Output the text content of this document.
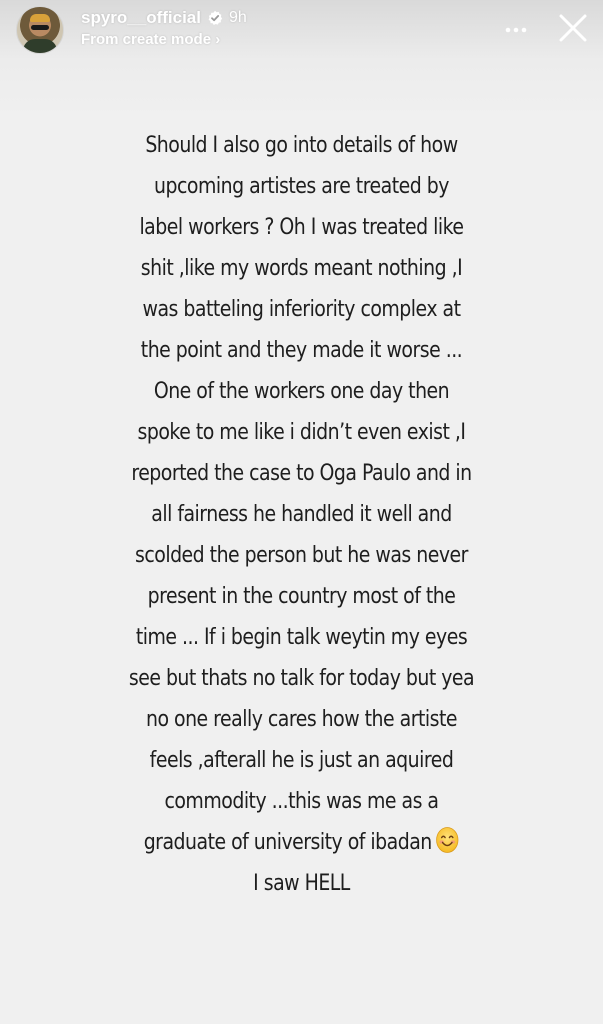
spyro__official 9h
From create mode ›
Should I also go into details of how
upcoming artistes are treated by
label workers ? Oh I was treated like
shit ,like my words meant nothing ,I
was batteling inferiority complex at
the point and they made it worse ...
One of the workers one day then
spoke to me like i didn’t even exist ,I
reported the case to Oga Paulo and in
all fairness he handled it well and
scolded the person but he was never
present in the country most of the
time ... If i begin talk weytin my eyes
see but thats no talk for today but yea
no one really cares how the artiste
feels ,afterall he is just an aquired
commodity ...this was me as a
graduate of university of ibadan
I saw HELL
